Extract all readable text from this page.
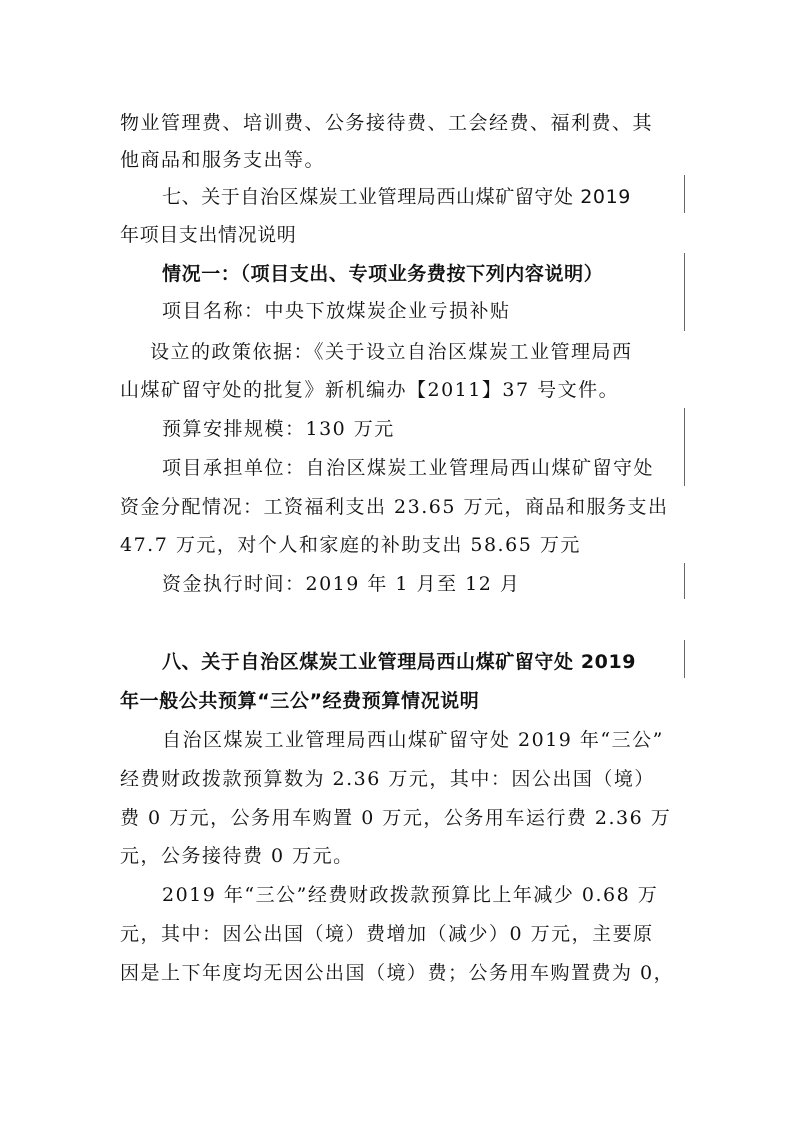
物业管理费、培训费、公务接待费、工会经费、福利费、其
他商品和服务支出等。
七、关于自治区煤炭工业管理局西山煤矿留守处 2019
年项目支出情况说明
情况一：（项目支出、专项业务费按下列内容说明）
项目名称：中央下放煤炭企业亏损补贴
设立的政策依据：《关于设立自治区煤炭工业管理局西
山煤矿留守处的批复》新机编办【2011】37 号文件。
预算安排规模：130 万元
项目承担单位：自治区煤炭工业管理局西山煤矿留守处
资金分配情况：工资福利支出 23.65 万元，商品和服务支出
47.7 万元，对个人和家庭的补助支出 58.65 万元
资金执行时间：2019 年 1 月至 12 月
八、关于自治区煤炭工业管理局西山煤矿留守处 2019
年一般公共预算“三公”经费预算情况说明
自治区煤炭工业管理局西山煤矿留守处 2019 年“三公”
经费财政拨款预算数为 2.36 万元，其中：因公出国（境）
费 0 万元，公务用车购置 0 万元，公务用车运行费 2.36 万
元，公务接待费 0 万元。
2019 年“三公”经费财政拨款预算比上年减少 0.68 万
元，其中：因公出国（境）费增加（减少）0 万元，主要原
因是上下年度均无因公出国（境）费；公务用车购置费为 0，
